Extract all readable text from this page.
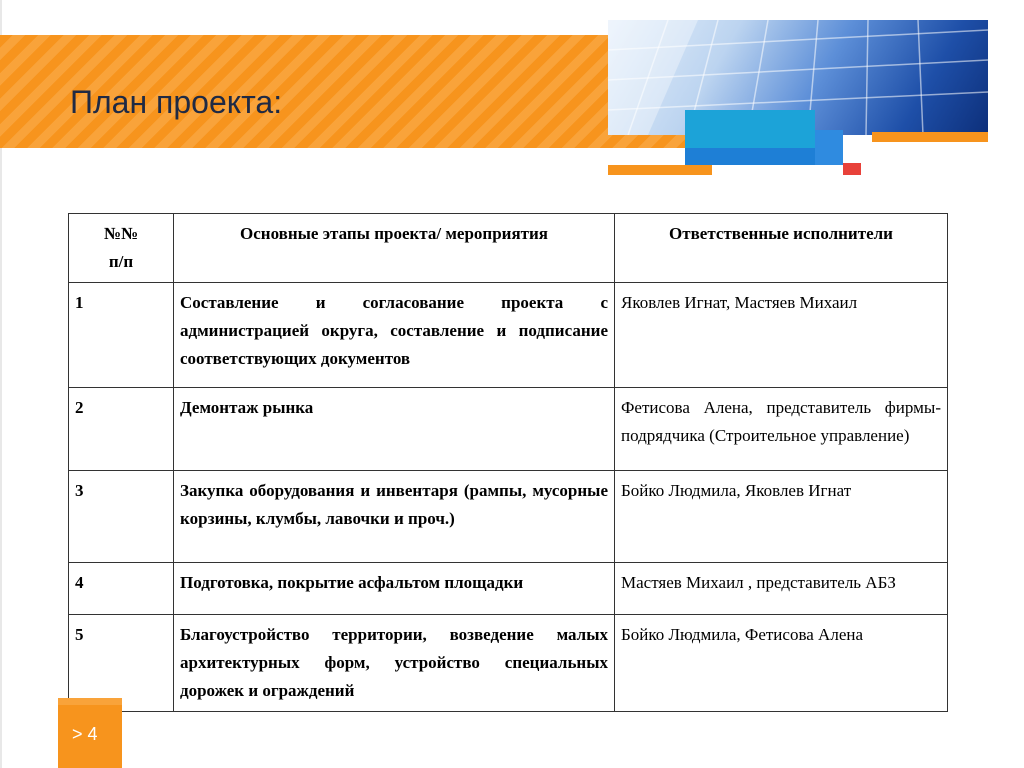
План проекта:
№№
п/п	Основные этапы проекта/ мероприятия	Ответственные исполнители
1	Составление и согласование проекта с администрацией округа, составление и подписание соответствующих документов	Яковлев Игнат, Мастяев Михаил
2	Демонтаж рынка	Фетисова Алена, представитель фирмы-подрядчика (Строительное управление)
3	Закупка оборудования и инвентаря (рампы, мусорные корзины, клумбы, лавочки и проч.)	Бойко Людмила, Яковлев Игнат
4	Подготовка, покрытие асфальтом площадки	Мастяев Михаил , представитель АБЗ
5	Благоустройство территории, возведение малых архитектурных форм, устройство специальных дорожек и ограждений	Бойко Людмила, Фетисова Алена
> 4
